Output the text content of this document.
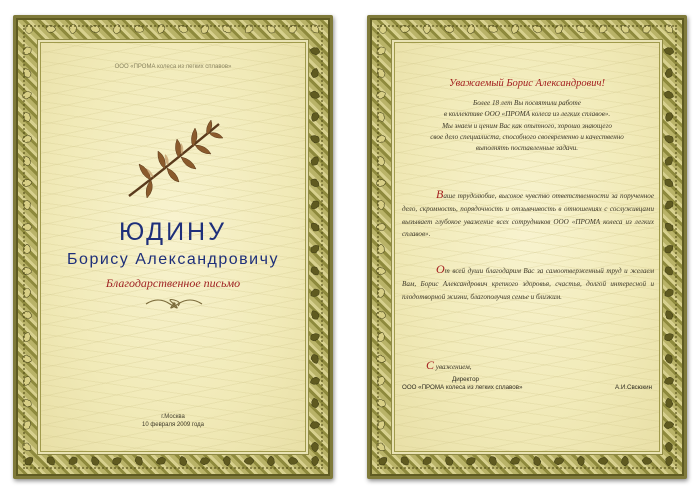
ООО «ПРОМА колеса из легких сплавов»
ЮДИНУ
Борису Александровичу
Благодарственное письмо
г.Москва
10 февраля 2009 года
Уважаемый Борис Александрович!
Более 18 лет Вы посвятили работе
в коллективе ООО «ПРОМА колеса из легких сплавов».
Мы знаем и ценим Вас как опытного, хорошо знающего
свое дело специалиста, способного своевременно и качественно
выполнять поставленные задачи.
Ваше трудолюбие, высокое чувство ответственности за порученное дело, скромность, порядочность и отзывчивость в отношениях с сослуживцами вызывает глубокое уважение всех сотрудников ООО «ПРОМА колеса из легких сплавов».
От всей души благодарим Вас за самоотверженный труд и желаем Вам, Борис Александрович крепкого здоровья, счастья, долгой интересной и плодотворной жизни, благополучия семье и близким.
С уважением,
Директор
ООО «ПРОМА колеса из легких сплавов»	А.И.Свсюкин
